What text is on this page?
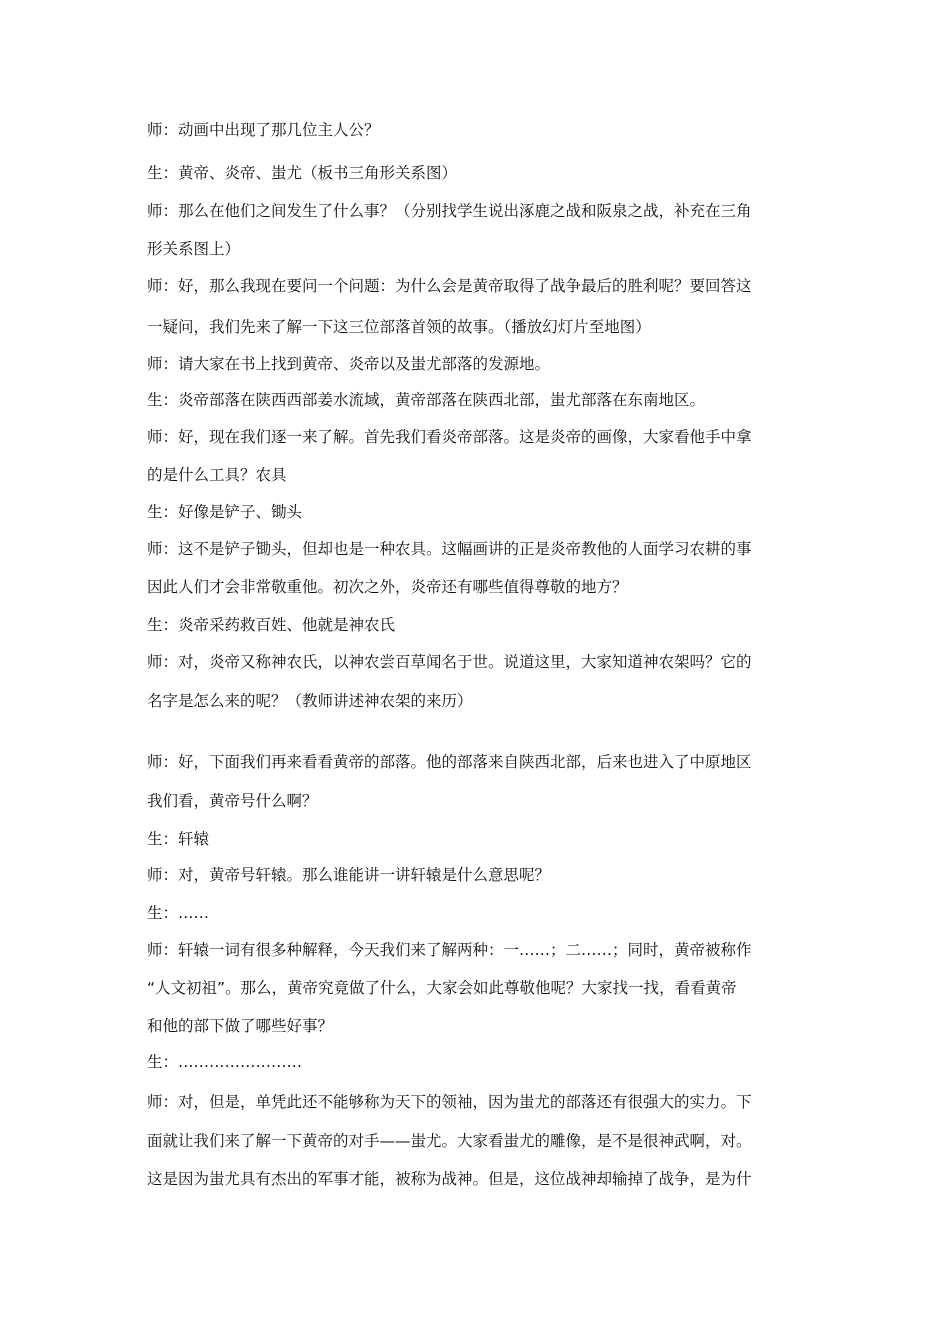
师：动画中出现了那几位主人公？
生：黄帝、炎帝、蚩尤（板书三角形关系图）
师：那么在他们之间发生了什么事？（分别找学生说出涿鹿之战和阪泉之战，补充在三角
形关系图上）
师：好，那么我现在要问一个问题：为什么会是黄帝取得了战争最后的胜利呢？要回答这
一疑问，我们先来了解一下这三位部落首领的故事。（播放幻灯片至地图）
师：请大家在书上找到黄帝、炎帝以及蚩尤部落的发源地。
生：炎帝部落在陕西西部姜水流域，黄帝部落在陕西北部，蚩尤部落在东南地区。
师：好，现在我们逐一来了解。首先我们看炎帝部落。这是炎帝的画像，大家看他手中拿
的是什么工具？农具
生：好像是铲子、锄头
师：这不是铲子锄头，但却也是一种农具。这幅画讲的正是炎帝教他的人面学习农耕的事
因此人们才会非常敬重他。初次之外，炎帝还有哪些值得尊敬的地方？
生：炎帝采药救百姓、他就是神农氏
师：对，炎帝又称神农氏，以神农尝百草闻名于世。说道这里，大家知道神农架吗？它的
名字是怎么来的呢？（教师讲述神农架的来历）
师：好，下面我们再来看看黄帝的部落。他的部落来自陕西北部，后来也进入了中原地区
我们看，黄帝号什么啊？
生：轩辕
师：对，黄帝号轩辕。那么谁能讲一讲轩辕是什么意思呢？
生：……
师：轩辕一词有很多种解释，今天我们来了解两种：一……；二……；同时，黄帝被称作
“人文初祖”。那么，黄帝究竟做了什么，大家会如此尊敬他呢？大家找一找，看看黄帝
和他的部下做了哪些好事？
生：……………………
师：对，但是，单凭此还不能够称为天下的领袖，因为蚩尤的部落还有很强大的实力。下
面就让我们来了解一下黄帝的对手——蚩尤。大家看蚩尤的雕像，是不是很神武啊，对。
这是因为蚩尤具有杰出的军事才能，被称为战神。但是，这位战神却输掉了战争，是为什
